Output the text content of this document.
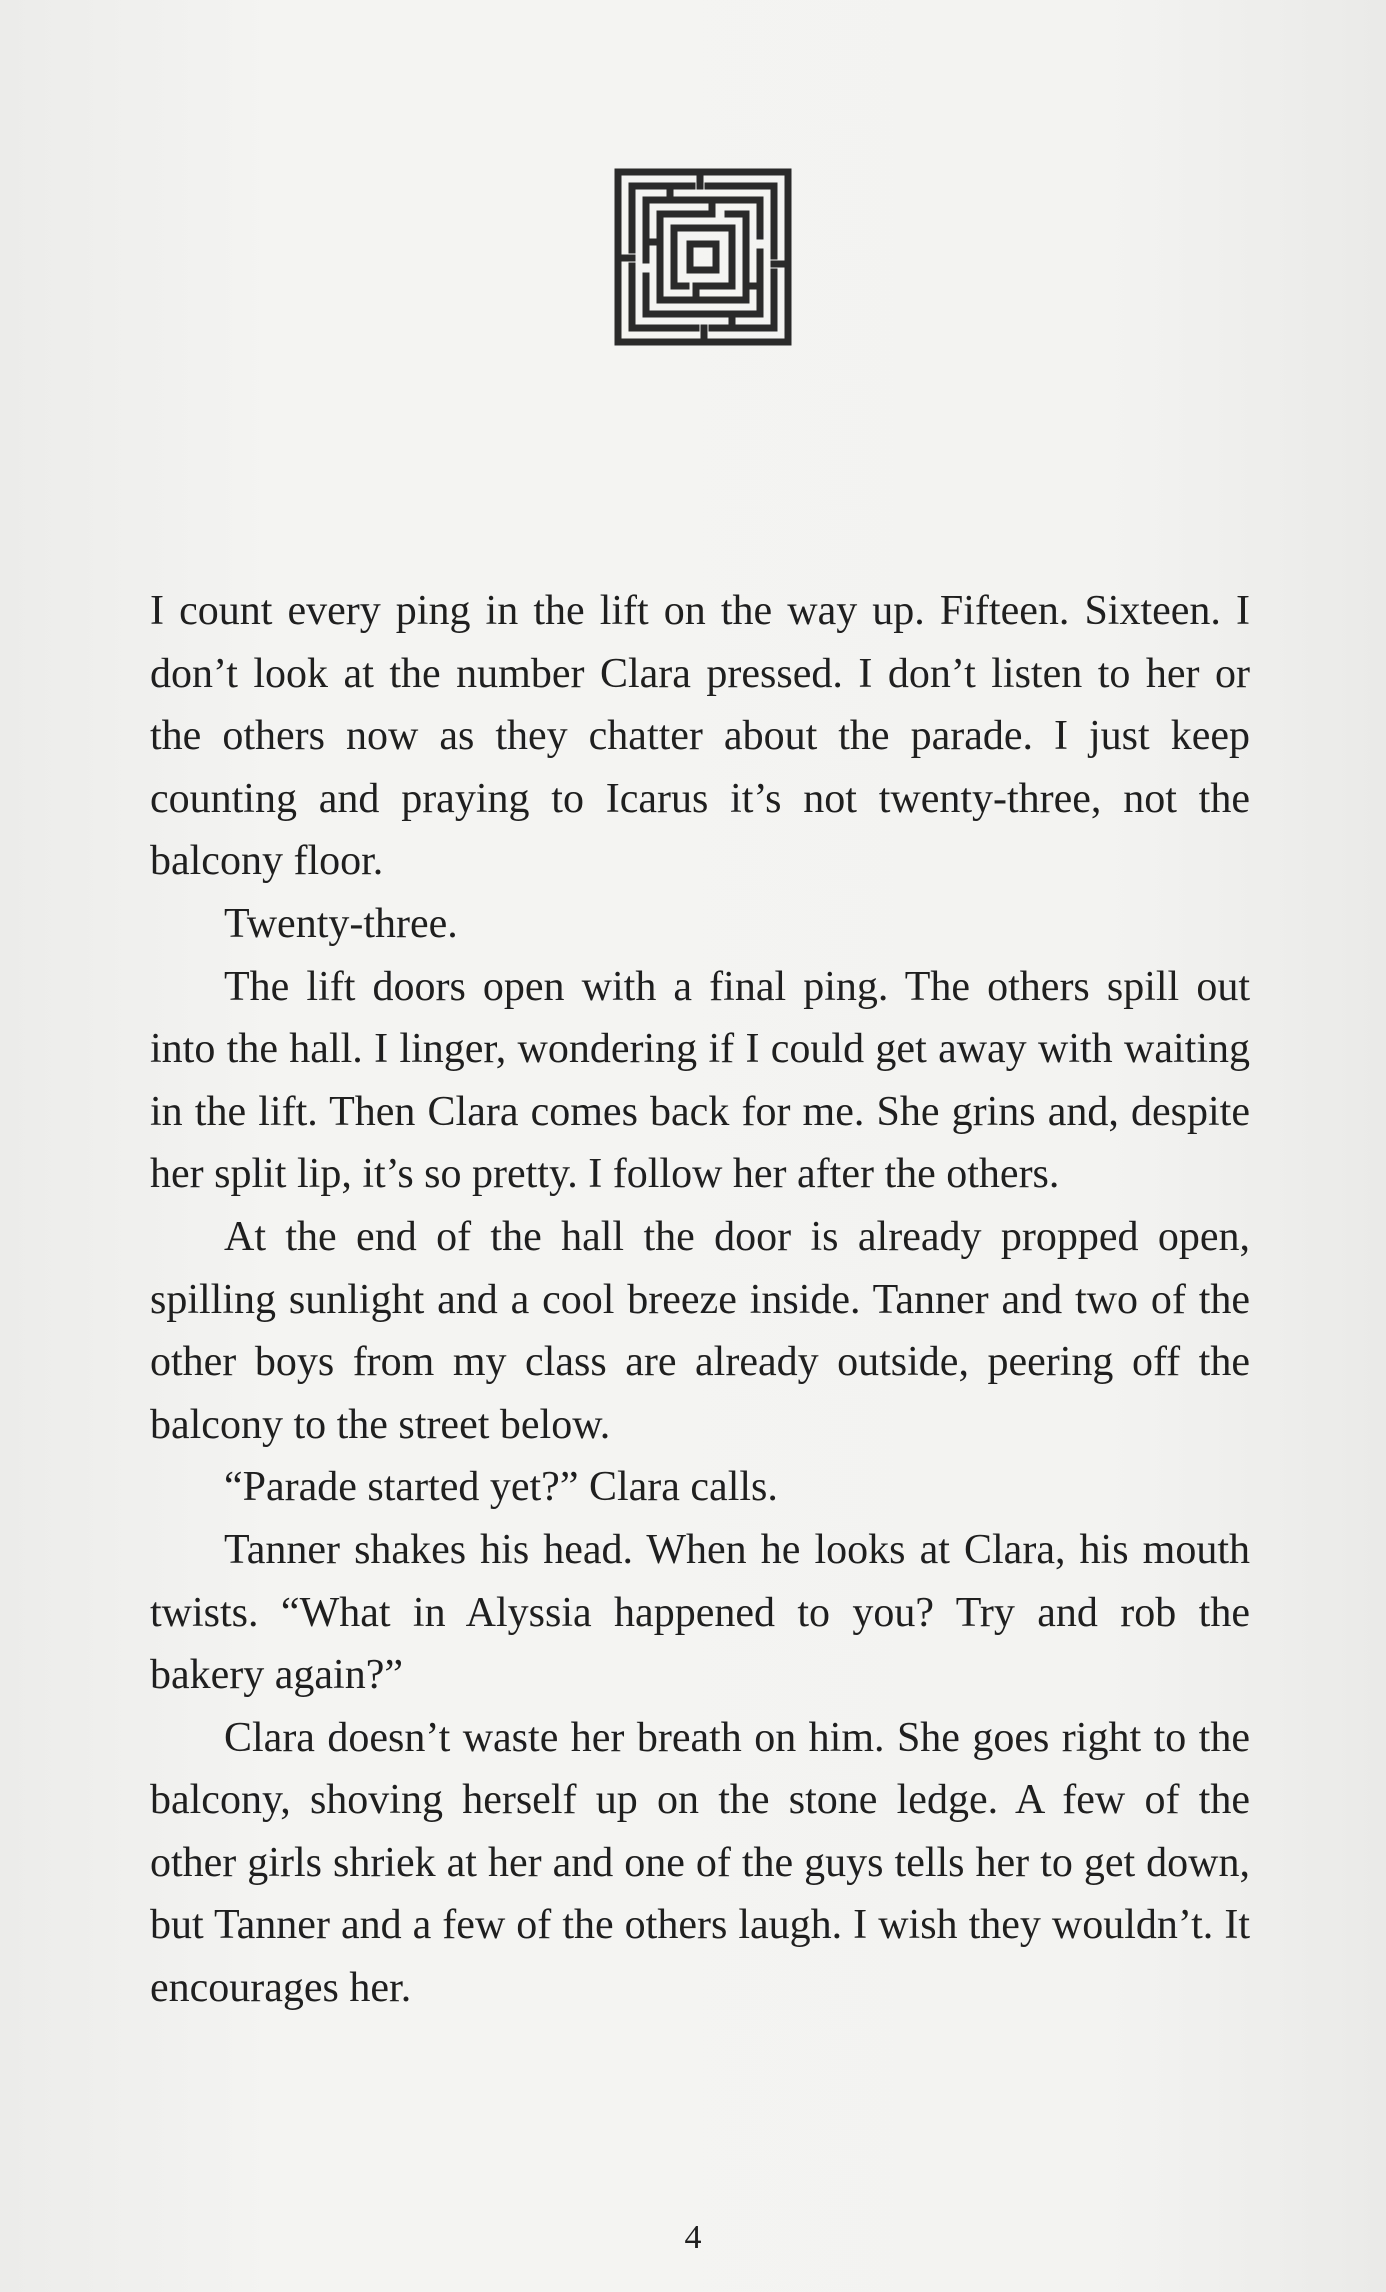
I count every ping in the lift on the way up. Fifteen. Sixteen. I don’t look at the number Clara pressed. I don’t listen to her or the others now as they chatter about the parade. I just keep counting and praying to Icarus it’s not twenty-three, not the balcony floor.

Twenty-three.

The lift doors open with a final ping. The others spill out into the hall. I linger, wondering if I could get away with waiting in the lift. Then Clara comes back for me. She grins and, despite her split lip, it’s so pretty. I follow her after the others.

At the end of the hall the door is already propped open, spilling sunlight and a cool breeze inside. Tanner and two of the other boys from my class are already outside, peering off the balcony to the street below.

“Parade started yet?” Clara calls.

Tanner shakes his head. When he looks at Clara, his mouth twists. “What in Alyssia happened to you? Try and rob the bakery again?”

Clara doesn’t waste her breath on him. She goes right to the balcony, shoving herself up on the stone ledge. A few of the other girls shriek at her and one of the guys tells her to get down, but Tanner and a few of the others laugh. I wish they wouldn’t. It encourages her.

4
